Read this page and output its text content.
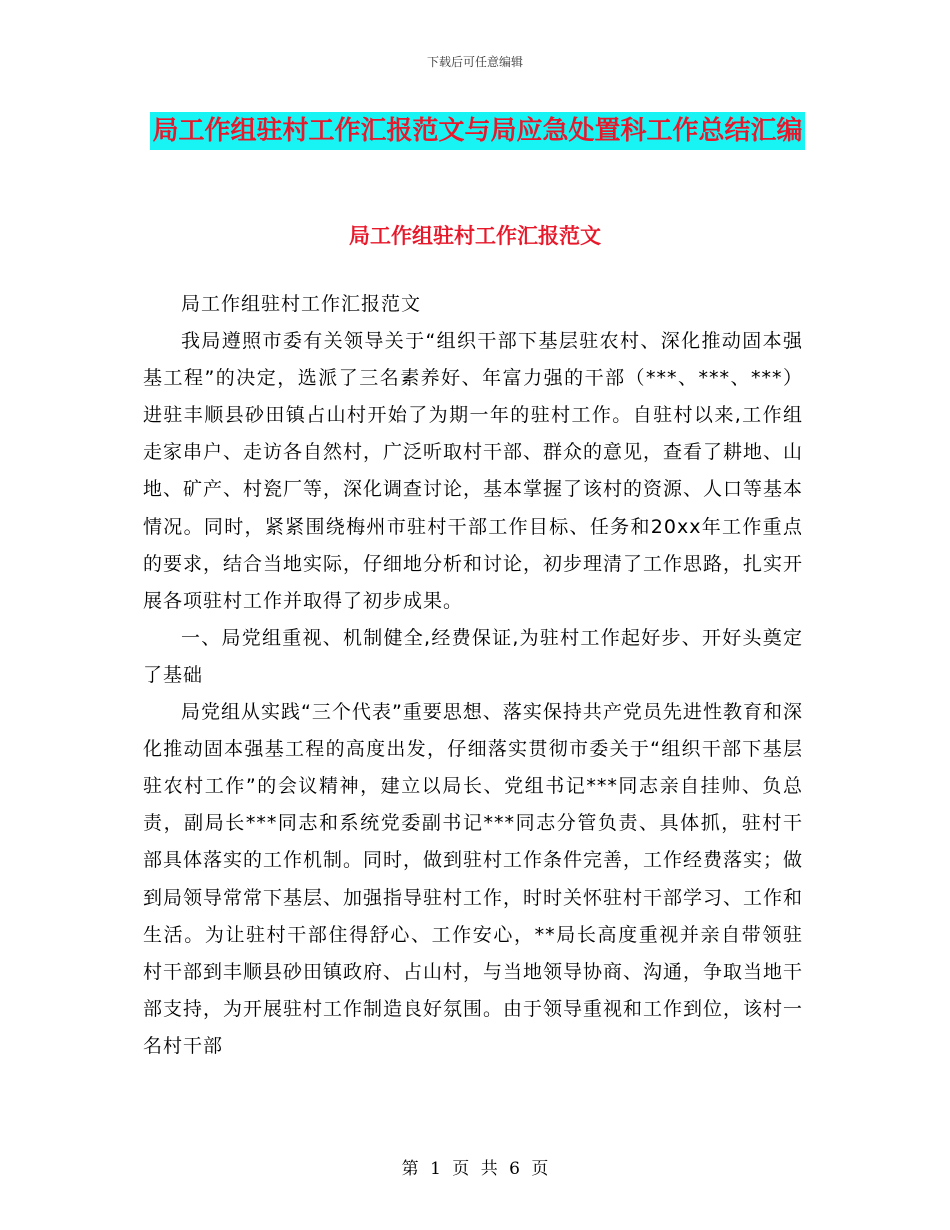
下载后可任意编辑
局工作组驻村工作汇报范文与局应急处置科工作总结汇编
局工作组驻村工作汇报范文

局工作组驻村工作汇报范文

我局遵照市委有关领导关于“组织干部下基层驻农村、深化推动固本强基工程”的决定，选派了三名素养好、年富力强的干部（***、***、***）进驻丰顺县砂田镇占山村开始了为期一年的驻村工作。自驻村以来,工作组走家串户、走访各自然村，广泛听取村干部、群众的意见，查看了耕地、山地、矿产、村瓷厂等，深化调查讨论，基本掌握了该村的资源、人口等基本情况。同时，紧紧围绕梅州市驻村干部工作目标、任务和20xx年工作重点的要求，结合当地实际，仔细地分析和讨论，初步理清了工作思路，扎实开展各项驻村工作并取得了初步成果。

一、局党组重视、机制健全,经费保证,为驻村工作起好步、开好头奠定了基础

局党组从实践“三个代表”重要思想、落实保持共产党员先进性教育和深化推动固本强基工程的高度出发，仔细落实贯彻市委关于“组织干部下基层驻农村工作”的会议精神，建立以局长、党组书记***同志亲自挂帅、负总责，副局长***同志和系统党委副书记***同志分管负责、具体抓，驻村干部具体落实的工作机制。同时，做到驻村工作条件完善，工作经费落实；做到局领导常常下基层、加强指导驻村工作，时时关怀驻村干部学习、工作和生活。为让驻村干部住得舒心、工作安心，**局长高度重视并亲自带领驻村干部到丰顺县砂田镇政府、占山村，与当地领导协商、沟通，争取当地干部支持，为开展驻村工作制造良好氛围。由于领导重视和工作到位，该村一名村干部

第 1 页 共 6 页
